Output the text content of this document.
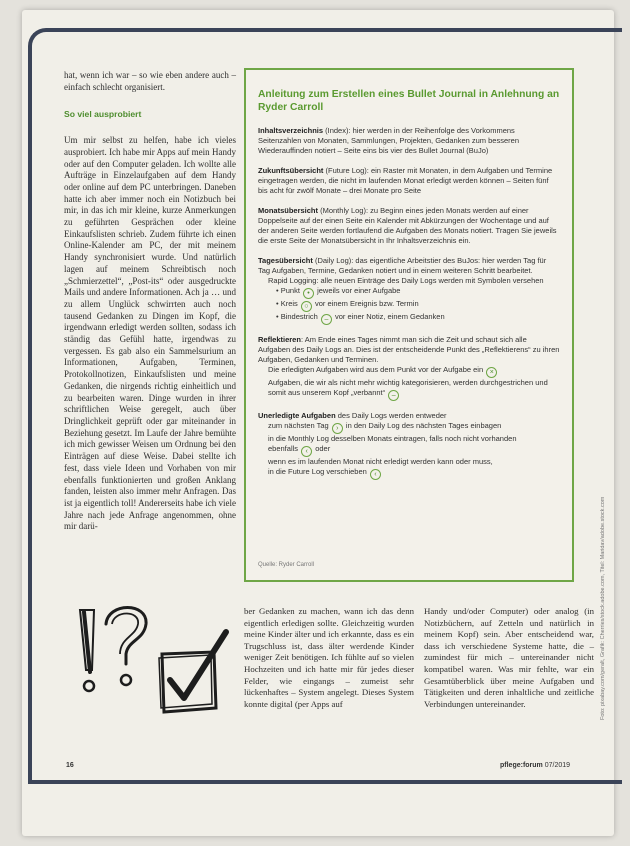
hat, wenn ich war – so wie eben andere auch – einfach schlecht organisiert.

So viel ausprobiert

Um mir selbst zu helfen, habe ich vieles ausprobiert. Ich habe mir Apps auf mein Handy oder auf den Computer geladen. Ich wollte alle Aufträge in Einzelaufgaben auf dem Handy oder online auf dem PC unterbringen. Daneben hatte ich aber immer noch ein Notizbuch bei mir, in das ich mir kleine, kurze Anmerkungen zu geführten Gesprächen oder kleine Einkaufslisten schrieb. Zudem führte ich einen Online-Kalender am PC, der mit meinem Handy synchronisiert wurde. Und natürlich lagen auf meinem Schreibtisch noch „Schmierzettel“, „Post-its“ oder ausgedruckte Mails und andere Informationen. Ach ja … und zu allem Unglück schwirrten auch noch tausend Gedanken zu Dingen im Kopf, die irgendwann erledigt werden sollten, sodass ich ständig das Gefühl hatte, irgendwas zu vergessen. Es gab also ein Sammelsurium an Informationen, Aufgaben, Terminen, Protokollnotizen, Einkaufslisten und meine Gedanken, die nirgends richtig einheitlich und zu bearbeiten waren. Dinge wurden in ihrer schriftlichen Weise geregelt, auch über Dringlichkeit geprüft oder gar miteinander in Beziehung gesetzt. Im Laufe der Jahre bemühte ich mich gewisser Weisen um Ordnung bei den Einträgen auf diese Weise. Dabei stellte ich fest, dass viele Ideen und Vorhaben von mir ebenfalls funktionierten und großen Anklang fanden, leisten also immer mehr Anfragen. Das ist ja eigentlich toll! Andererseits habe ich viele Jahre nach jede Anfrage angenommen, ohne mir darü-

Anleitung zum Erstellen eines Bullet Journal in Anlehnung an Ryder Carroll
Inhaltsverzeichnis (Index): hier werden in der Reihenfolge des Vorkommens Seitenzahlen von Monaten, Sammlungen, Projekten, Gedanken zum besseren Wiederauffinden notiert – Seite eins bis vier des Bullet Journal (BuJo)
Zukunftsübersicht (Future Log): ein Raster mit Monaten, in dem Aufgaben und Termine eingetragen werden, die nicht im laufenden Monat erledigt werden können – Seiten fünf bis acht für zwölf Monate – drei Monate pro Seite
Monatsübersicht (Monthly Log): zu Beginn eines jeden Monats werden auf einer Doppelseite auf der einen Seite ein Kalender mit Abkürzungen der Wochentage und auf der anderen Seite werden fortlaufend die Aufgaben des Monats notiert. Tragen Sie jeweils die erste Seite der Monatsübersicht in Ihr Inhaltsverzeichnis ein.
Tagesübersicht (Daily Log): das eigentliche Arbeitstier des BuJos: hier werden Tag für Tag Aufgaben, Termine, Gedanken notiert und in einem weiteren Schritt bearbeitet.
Rapid Logging: alle neuen Einträge des Daily Logs werden mit Symbolen versehen
• Punkt • jeweils vor einer Aufgabe
• Kreis ○ vor einem Ereignis bzw. Termin
• Bindestrich – vor einer Notiz, einem Gedanken
Reflektieren: Am Ende eines Tages nimmt man sich die Zeit und schaut sich alle Aufgaben des Daily Logs an. Dies ist der entscheidende Punkt des „Reflektierens“ zu ihren Aufgaben, Gedanken und Terminen.
Die erledigten Aufgaben wird aus dem Punkt vor der Aufgabe ein ×
Aufgaben, die wir als nicht mehr wichtig kategorisieren, werden durchgestrichen und somit aus unserem Kopf „verbannt“ –
Unerledigte Aufgaben des Daily Logs werden entweder
zum nächsten Tag › in den Daily Log des nächsten Tages einbagen
in die Monthly Log desselben Monats eintragen, falls noch nicht vorhanden
ebenfalls ‹ oder
wenn es im laufenden Monat nicht erledigt werden kann oder muss,
in die Future Log verschieben ‹
Quelle: Ryder Carroll

ber Gedanken zu machen, wann ich das denn eigentlich erledigen sollte. Gleichzeitig wurden meine Kinder älter und ich erkannte, dass es ein Trugschluss ist, dass älter werdende Kinder weniger Zeit benötigen. Ich fühlte auf so vielen Hochzeiten und ich hatte mir für jedes dieser Felder, wie eingangs – zumeist sehr lückenhaftes – System angelegt. Dieses System konnte digital (per Apps auf

Handy und/oder Computer) oder analog (in Notizbüchern, auf Zetteln und natürlich in meinem Kopf) sein. Aber entscheidend war, dass ich verschiedene Systeme hatte, die – zumindest für mich – untereinander nicht kompatibel waren. Was mir fehlte, war ein Gesamtüberblick über meine Aufgaben und Tätigkeiten und deren inhaltliche und zeitliche Verbindungen untereinander.

16	pflege:forum 07/2019
Foto: pixabay.com/geralt, Grafik: Cherries/stock.adobe.com, Titel: Maridav/adobe.stock.com
